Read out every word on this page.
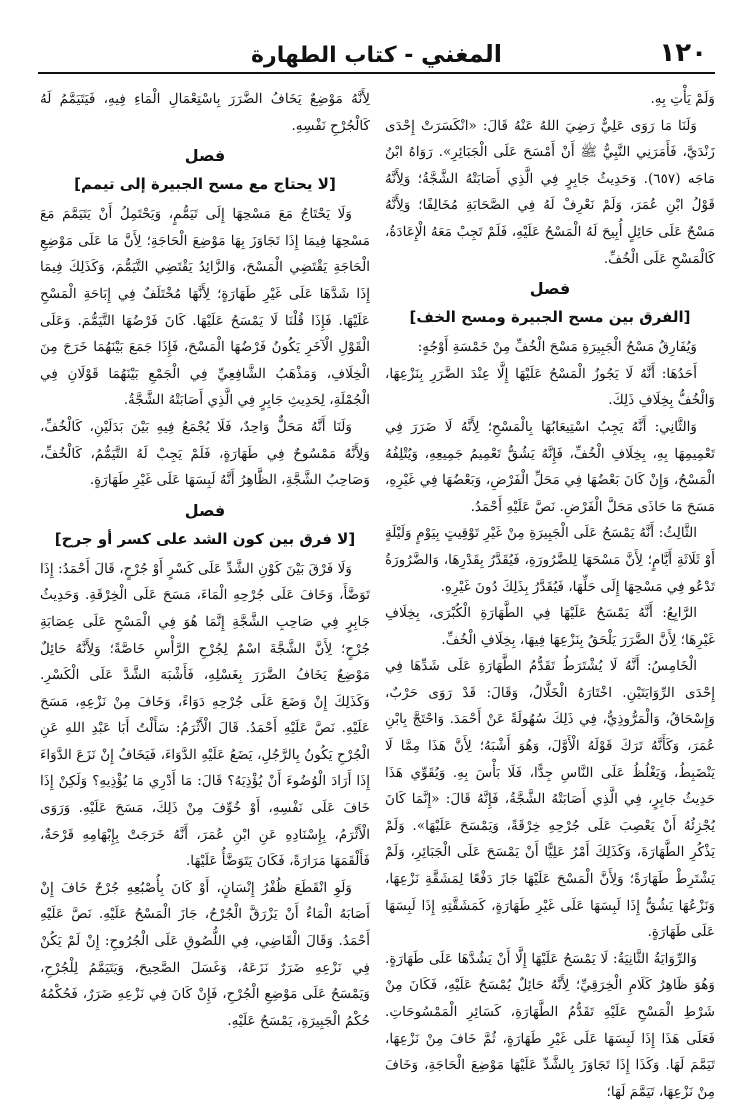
١٢٠
المغني - كتاب الطهارة

وَلَمْ يَأْتِ بِهِ.

وَلَنَا مَا رَوَى عَلِيٌّ رَضِيَ اللهُ عَنْهُ قَالَ: «انْكَسَرَتْ إِحْدَى زَنْدَيَّ، فَأَمَرَنِي النَّبِيُّ ﷺ أَنْ أَمْسَحَ عَلَى الْجَبَائِرِ». رَوَاهُ ابْنُ مَاجَه (٦٥٧). وَحَدِيثُ جَابِرٍ فِي الَّذِي أَصَابَتْهُ الشَّجَّةُ؛ وَلِأَنَّهُ قَوْلُ ابْنِ عُمَرَ، وَلَمْ نَعْرِفْ لَهُ فِي الصَّحَابَةِ مُخَالِفًا؛ وَلِأَنَّهُ مَسْحٌ عَلَى حَائِلٍ أُبِيحَ لَهُ الْمَسْحُ عَلَيْهِ، فَلَمْ تَجِبْ مَعَهُ الْإِعَادَةُ، كَالْمَسْحِ عَلَى الْخُفِّ.

فصل
[الفرق بين مسح الجبيرة ومسح الخف]

وَيُفَارِقُ مَسْحُ الْجَبِيرَةِ مَسْحَ الْخُفِّ مِنْ خَمْسَةِ أَوْجُهٍ:

أَحَدُهَا: أَنَّهُ لَا يَجُوزُ الْمَسْحُ عَلَيْهَا إِلَّا عِنْدَ الضَّرَرِ بِنَزْعِهَا، وَالْخُفُّ بِخِلَافِ ذَلِكَ.

وَالثَّانِي: أَنَّهُ يَجِبُ اسْتِيعَابُهَا بِالْمَسْحِ؛ لِأَنَّهُ لَا ضَرَرَ فِي تَعْمِيمِهَا بِهِ، بِخِلَافِ الْخُفِّ، فَإِنَّهُ يَشُقُّ تَعْمِيمُ جَمِيعِهِ، وَيُتْلِفُهُ الْمَسْحُ، وَإِنْ كَانَ بَعْضُهَا فِي مَحَلِّ الْفَرْضِ، وَبَعْضُهَا فِي غَيْرِهِ، مَسَحَ مَا حَاذَى مَحَلَّ الْفَرْضِ. نَصَّ عَلَيْهِ أَحْمَدُ.

الثَّالِثُ: أَنَّهُ يَمْسَحُ عَلَى الْجَبِيرَةِ مِنْ غَيْرِ تَوْقِيتٍ بِيَوْمٍ وَلَيْلَةٍ أَوْ ثَلَاثَةِ أَيَّامٍ؛ لِأَنَّ مَسْحَهَا لِلضَّرُورَةِ، فَيُقَدَّرُ بِقَدْرِهَا، وَالضَّرُورَةُ تَدْعُو فِي مَسْحِهَا إِلَى حَلِّهَا، فَيُقَدَّرُ بِذَلِكَ دُونَ غَيْرِهِ.

الرَّابِعُ: أَنَّهُ يَمْسَحُ عَلَيْهَا فِي الطَّهَارَةِ الْكُبْرَى، بِخِلَافِ غَيْرِهَا؛ لِأَنَّ الضَّرَرَ يَلْحَقُ بِنَزْعِهَا فِيهَا، بِخِلَافِ الْخُفِّ.

الْخَامِسُ: أَنَّهُ لَا يُشْتَرَطُ تَقَدُّمُ الطَّهَارَةِ عَلَى شَدِّهَا فِي إِحْدَى الرِّوَايَتَيْنِ. اخْتَارَهُ الْخَلَّالُ، وَقَالَ: قَدْ رَوَى حَرْبٌ، وَإِسْحَاقُ، وَالْمَرُّوذِيُّ، فِي ذَلِكَ سُهُولَةً عَنْ أَحْمَدَ. وَاحْتَجَّ بِابْنِ عُمَرَ، وَكَأَنَّهُ تَرَكَ قَوْلَهُ الْأَوَّلَ، وَهُوَ أَشْبَهُ؛ لِأَنَّ هَذَا مِمَّا لَا يَنْضَبِطُ، وَيَغْلُظُ عَلَى النَّاسِ جِدًّا، فَلَا بَأْسَ بِهِ. وَيُقَوِّي هَذَا حَدِيثُ جَابِرٍ، فِي الَّذِي أَصَابَتْهُ الشَّجَّةُ، فَإِنَّهُ قَالَ: «إِنَّمَا كَانَ يُجْزِئُهُ أَنْ يَعْصِبَ عَلَى جُرْحِهِ خِرْقَةً، وَيَمْسَحَ عَلَيْهَا». وَلَمْ يَذْكُرِ الطَّهَارَةَ، وَكَذَلِكَ أَمْرُ عَلِيًّا أَنْ يَمْسَحَ عَلَى الْجَبَائِرِ، وَلَمْ يَشْتَرِطْ طَهَارَةً؛ وَلِأَنَّ الْمَسْحَ عَلَيْهَا جَازَ دَفْعًا لِمَشَقَّةِ نَزْعِهَا، وَنَزْعُهَا يَشُقُّ إِذَا لَبِسَهَا عَلَى غَيْرِ طَهَارَةٍ، كَمَشَقَّتِهِ إِذَا لَبِسَهَا عَلَى طَهَارَةٍ.

وَالرِّوَايَةُ الثَّانِيَةُ: لَا يَمْسَحُ عَلَيْهَا إِلَّا أَنْ يَشُدَّهَا عَلَى طَهَارَةٍ. وَهُوَ ظَاهِرُ كَلَامِ الْخِرَقِيِّ؛ لِأَنَّهُ حَائِلٌ يُمْسَحُ عَلَيْهِ، فَكَانَ مِنْ شَرْطِ الْمَسْحِ عَلَيْهِ تَقَدُّمُ الطَّهَارَةِ، كَسَائِرِ الْمَمْسُوحَاتِ. فَعَلَى هَذَا إِذَا لَبِسَهَا عَلَى غَيْرِ طَهَارَةٍ، ثُمَّ خَافَ مِنْ نَزْعِهَا، تَيَمَّمَ لَهَا. وَكَذَا إِذَا تَجَاوَزَ بِالشَّدِّ عَلَيْهَا مَوْضِعَ الْحَاجَةِ، وَخَافَ مِنْ نَزْعِهَا، تَيَمَّمَ لَهَا؛

لِأَنَّهُ مَوْضِعٌ يَخَافُ الضَّرَرَ بِاسْتِعْمَالِ الْمَاءِ فِيهِ، فَيَتَيَمَّمُ لَهُ كَالْجُرْحِ نَفْسِهِ.

فصل
[لا يحتاج مع مسح الجبيرة إلى تيمم]

وَلَا يَحْتَاجُ مَعَ مَسْحِهَا إِلَى تَيَمُّمٍ، وَيَحْتَمِلُ أَنْ يَتَيَمَّمَ مَعَ مَسْحِهَا فِيمَا إِذَا تَجَاوَزَ بِهَا مَوْضِعَ الْحَاجَةِ؛ لِأَنَّ مَا عَلَى مَوْضِعِ الْحَاجَةِ يَقْتَضِي الْمَسْحَ، وَالزَّائِدُ يَقْتَضِي التَّيَمُّمَ، وَكَذَلِكَ فِيمَا إِذَا شَدَّهَا عَلَى غَيْرِ طَهَارَةٍ؛ لِأَنَّهَا مُخْتَلَفٌ فِي إِبَاحَةِ الْمَسْحِ عَلَيْهَا. فَإِذَا قُلْنَا لَا يَمْسَحُ عَلَيْهَا. كَانَ فَرْضُهَا التَّيَمُّمَ. وَعَلَى الْقَوْلِ الْآخَرِ يَكُونُ فَرْضُهَا الْمَسْحَ، فَإِذَا جَمَعَ بَيْنَهُمَا خَرَجَ مِنَ الْخِلَافِ، وَمَذْهَبُ الشَّافِعِيِّ فِي الْجَمْعِ بَيْنَهُمَا قَوْلَانِ فِي الْجُمْلَةِ، لِحَدِيثِ جَابِرٍ فِي الَّذِي أَصَابَتْهُ الشَّجَّةُ.

وَلَنَا أَنَّهُ مَحَلٌّ وَاحِدٌ، فَلَا يُجْمَعُ فِيهِ بَيْنَ بَدَلَيْنِ، كَالْخُفِّ، وَلِأَنَّهُ مَمْسُوحٌ فِي طَهَارَةٍ، فَلَمْ يَجِبْ لَهُ التَّيَمُّمُ، كَالْخُفِّ، وَصَاحِبُ الشَّجَّةِ، الظَّاهِرُ أَنَّهُ لَبِسَهَا عَلَى غَيْرِ طَهَارَةٍ.

فصل
[لا فرق بين كون الشد على كسر أو جرح]

وَلَا فَرْقَ بَيْنَ كَوْنِ الشَّدِّ عَلَى كَسْرٍ أَوْ جُرْحٍ، قَالَ أَحْمَدُ: إِذَا تَوَضَّأَ، وَخَافَ عَلَى جُرْحِهِ الْمَاءَ، مَسَحَ عَلَى الْخِرْقَةِ. وَحَدِيثُ جَابِرٍ فِي صَاحِبِ الشَّجَّةِ إِنَّمَا هُوَ فِي الْمَسْحِ عَلَى عِصَابَةِ جُرْحٍ؛ لِأَنَّ الشَّجَّةَ اسْمٌ لِجُرْحِ الرَّأْسِ خَاصَّةً؛ وَلِأَنَّهُ حَائِلٌ مَوْضِعٌ يَخَافُ الضَّرَرَ بِغَسْلِهِ، فَأَشْبَهَ الشَّدَّ عَلَى الْكَسْرِ. وَكَذَلِكَ إِنْ وَضَعَ عَلَى جُرْحِهِ دَوَاءً، وَخَافَ مِنْ نَزْعِهِ، مَسَحَ عَلَيْهِ. نَصَّ عَلَيْهِ أَحْمَدُ. قَالَ الْأَثْرَمُ: سَأَلْتُ أَبَا عَبْدِ اللهِ عَنِ الْجُرْحِ يَكُونُ بِالرَّجُلِ، يَضَعُ عَلَيْهِ الدَّوَاءَ، فَيَخَافُ إِنْ نَزَعَ الدَّوَاءَ إِذَا أَرَادَ الْوُضُوءَ أَنْ يُؤْذِيَهُ؟ قَالَ: مَا أَدْرِي مَا يُؤْذِيهِ؟ وَلَكِنْ إِذَا خَافَ عَلَى نَفْسِهِ، أَوْ خُوِّفَ مِنْ ذَلِكَ، مَسَحَ عَلَيْهِ. وَرَوَى الْأَثْرَمُ، بِإِسْنَادِهِ عَنِ ابْنِ عُمَرَ، أَنَّهُ خَرَجَتْ بِإِبْهَامِهِ قَرْحَةٌ، فَأَلْقَمَهَا مَرَارَةً، فَكَانَ يَتَوَضَّأُ عَلَيْهَا.

وَلَوِ انْقَطَعَ ظُفْرُ إِنْسَانٍ، أَوْ كَانَ بِأُصْبُعِهِ جُرْحٌ خَافَ إِنْ أَصَابَهُ الْمَاءُ أَنْ يَزْرَقَّ الْجُرْحُ، جَازَ الْمَسْحُ عَلَيْهِ. نَصَّ عَلَيْهِ أَحْمَدُ. وَقَالَ الْقَاضِي، فِي اللُّصُوقِ عَلَى الْجُرُوحِ: إِنْ لَمْ يَكُنْ فِي نَزْعِهِ ضَرَرٌ نَزَعَهُ، وَغَسَلَ الصَّحِيحَ، وَيَتَيَمَّمُ لِلْجُرْحِ، وَيَمْسَحُ عَلَى مَوْضِعِ الْجُرْحِ، فَإِنْ كَانَ فِي نَزْعِهِ ضَرَرٌ، فَحُكْمُهُ حُكْمُ الْجَبِيرَةِ، يَمْسَحُ عَلَيْهِ.
